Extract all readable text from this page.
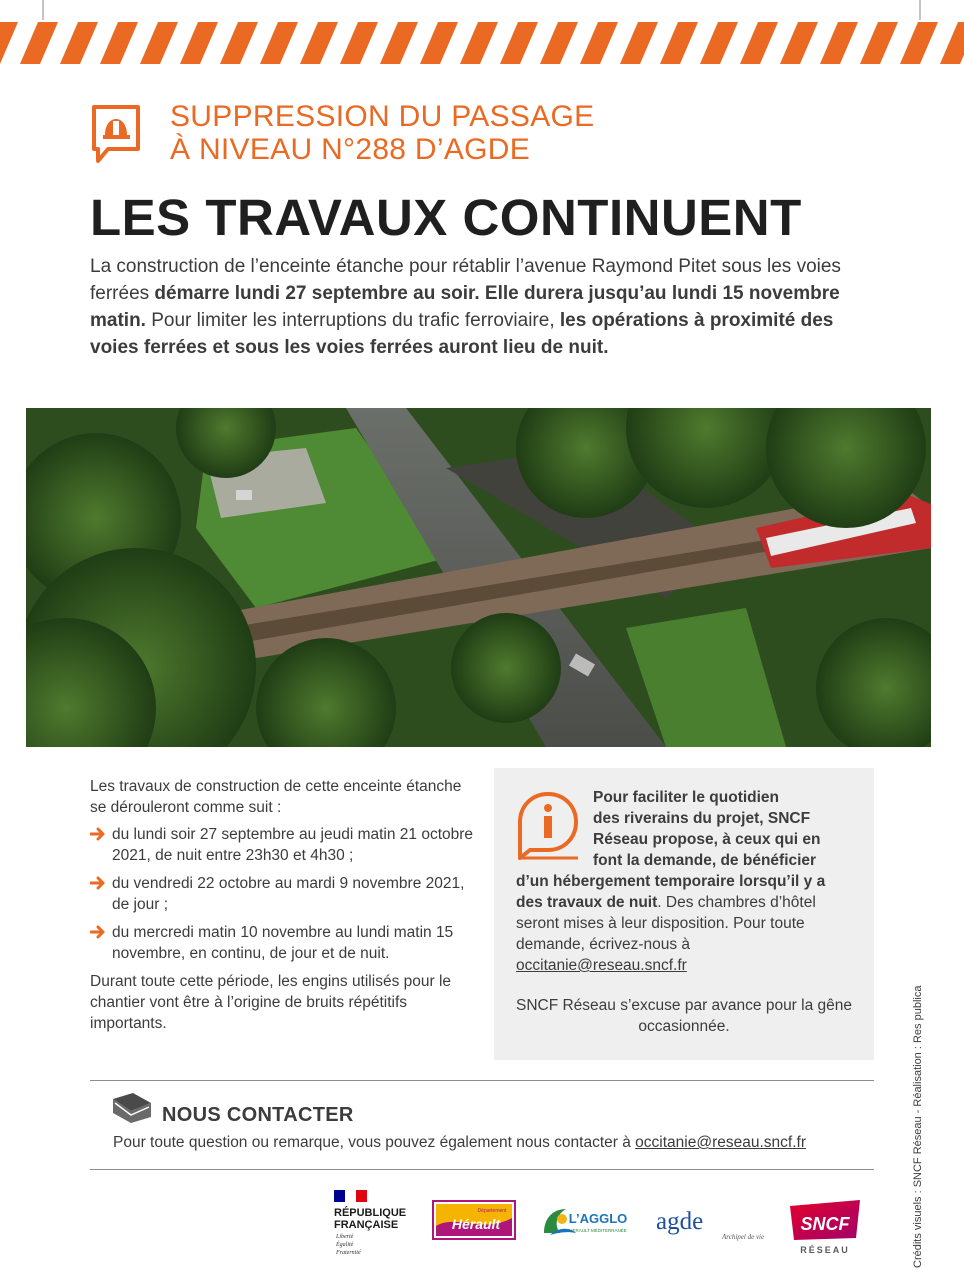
SUPPRESSION DU PASSAGE
À NIVEAU N°288 D’AGDE
LES TRAVAUX CONTINUENT
La construction de l’enceinte étanche pour rétablir l’avenue Raymond Pitet sous les voies ferrées démarre lundi 27 septembre au soir. Elle durera jusqu’au lundi 15 novembre matin. Pour limiter les interruptions du trafic ferroviaire, les opérations à proximité des voies ferrées et sous les voies ferrées auront lieu de nuit.

Les travaux de construction de cette enceinte étanche se dérouleront comme suit :

du lundi soir 27 septembre au jeudi matin 21 octobre 2021, de nuit entre 23h30 et 4h30 ;
du vendredi 22 octobre au mardi 9 novembre 2021, de jour ;
du mercredi matin 10 novembre au lundi matin 15 novembre, en continu, de jour et de nuit.

Durant toute cette période, les engins utilisés pour le chantier vont être à l’origine de bruits répétitifs importants.

Pour faciliter le quotidien
des riverains du projet, SNCF
Réseau propose, à ceux qui en
font la demande, de bénéficier
d’un hébergement temporaire lorsqu’il y a des travaux de nuit. Des chambres d’hôtel seront mises à leur disposition. Pour toute demande, écrivez-nous à occitanie@reseau.sncf.fr
SNCF Réseau s’excuse par avance pour la gêne occasionnée.
NOUS CONTACTER
Pour toute question ou remarque, vous pouvez également nous contacter à occitanie@reseau.sncf.fr	Crédits visuels : SNCF Réseau - Réalisation : Res publica
RÉPUBLIQUE
FRANÇAISE
Liberté
Égalité
Fraternité
Département
Hérault	L’AGGLO
HÉRAULT MÉDITERRANÉE agde
Archipel de vie
SNCF
RÉSEAU
